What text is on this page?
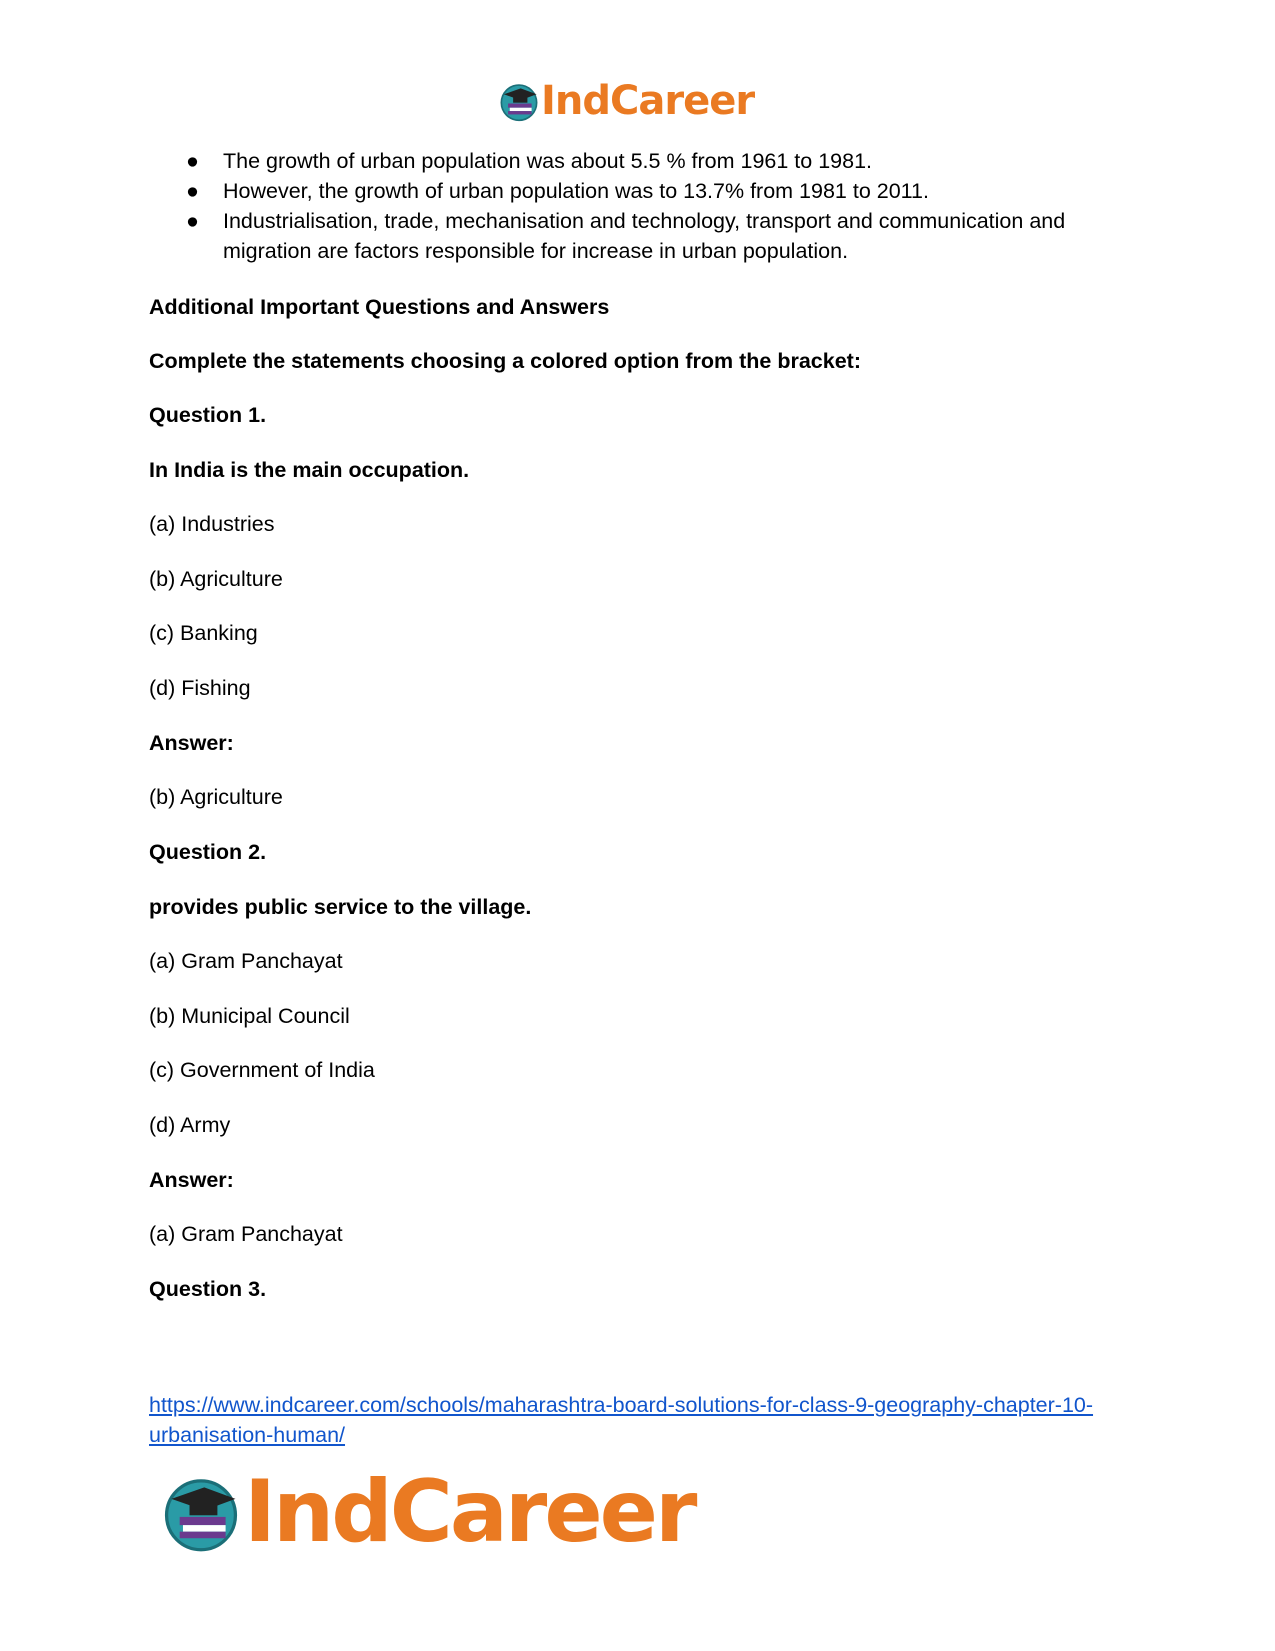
IndCareer
● The growth of urban population was about 5.5 % from 1961 to 1981.
● However, the growth of urban population was to 13.7% from 1981 to 2011.
● Industrialisation, trade, mechanisation and technology, transport and communication and migration are factors responsible for increase in urban population.
Additional Important Questions and Answers
Complete the statements choosing a colored option from the bracket:
Question 1.
In India is the main occupation.
(a) Industries
(b) Agriculture
(c) Banking
(d) Fishing
Answer:
(b) Agriculture
Question 2.
provides public service to the village.
(a) Gram Panchayat
(b) Municipal Council
(c) Government of India
(d) Army
Answer:
(a) Gram Panchayat
Question 3.
https://www.indcareer.com/schools/maharashtra-board-solutions-for-class-9-geography-chapter-10-urbanisation-human/
IndCareer
